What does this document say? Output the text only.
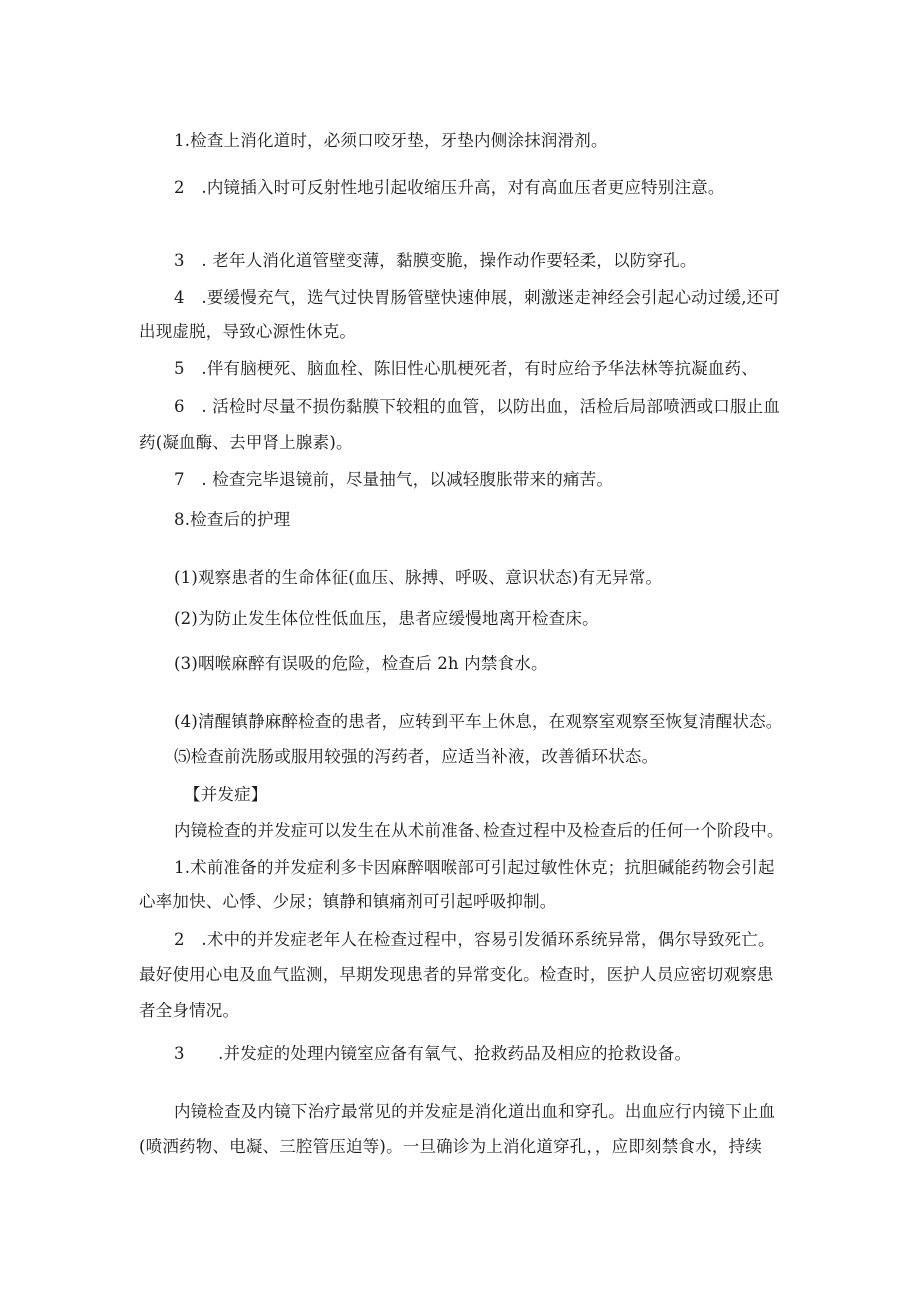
1.检查上消化道时，必须口咬牙垫，牙垫内侧涂抹润滑剂。

2　.内镜插入时可反射性地引起收缩压升高，对有高血压者更应特别注意。

3　. 老年人消化道管壁变薄，黏膜变脆，操作动作要轻柔，以防穿孔。

4　.要缓慢充气，选气过快胃肠管壁快速伸展，刺激迷走神经会引起心动过缓,还可

出现虚脱，导致心源性休克。

5　.伴有脑梗死、脑血栓、陈旧性心肌梗死者，有时应给予华法林等抗凝血药、

6　. 活检时尽量不损伤黏膜下较粗的血管，以防出血，活检后局部喷洒或口服止血

药(凝血酶、去甲肾上腺素)。

7　. 检查完毕退镜前，尽量抽气，以减轻腹胀带来的痛苦。

8.检查后的护理

(1)观察患者的生命体征(血压、脉搏、呼吸、意识状态)有无异常。

(2)为防止发生体位性低血压，患者应缓慢地离开检查床。

(3)咽喉麻醉有误吸的危险，检查后 2h 内禁食水。

(4)清醒镇静麻醉检查的患者，应转到平车上休息，在观察室观察至恢复清醒状态。

⑸检查前洗肠或服用较强的泻药者，应适当补液，改善循环状态。

【并发症】

内镜检查的并发症可以发生在从术前准备､检查过程中及检查后的任何一个阶段中。

1.术前准备的并发症利多卡因麻醉咽喉部可引起过敏性休克；抗胆碱能药物会引起

心率加快、心悸、少尿；镇静和镇痛剂可引起呼吸抑制。

2　.术中的并发症老年人在检查过程中，容易引发循环系统异常，偶尔导致死亡。

最好使用心电及血气监测，早期发现患者的异常变化。检查时，医护人员应密切观察患

者全身情况。

3　　.并发症的处理内镜室应备有氧气、抢救药品及相应的抢救设备。

内镜检查及内镜下治疗最常见的并发症是消化道出血和穿孔。出血应行内镜下止血

(喷洒药物、电凝、三腔管压迫等)。一旦确诊为上消化道穿孔，，应即刻禁食水，持续
